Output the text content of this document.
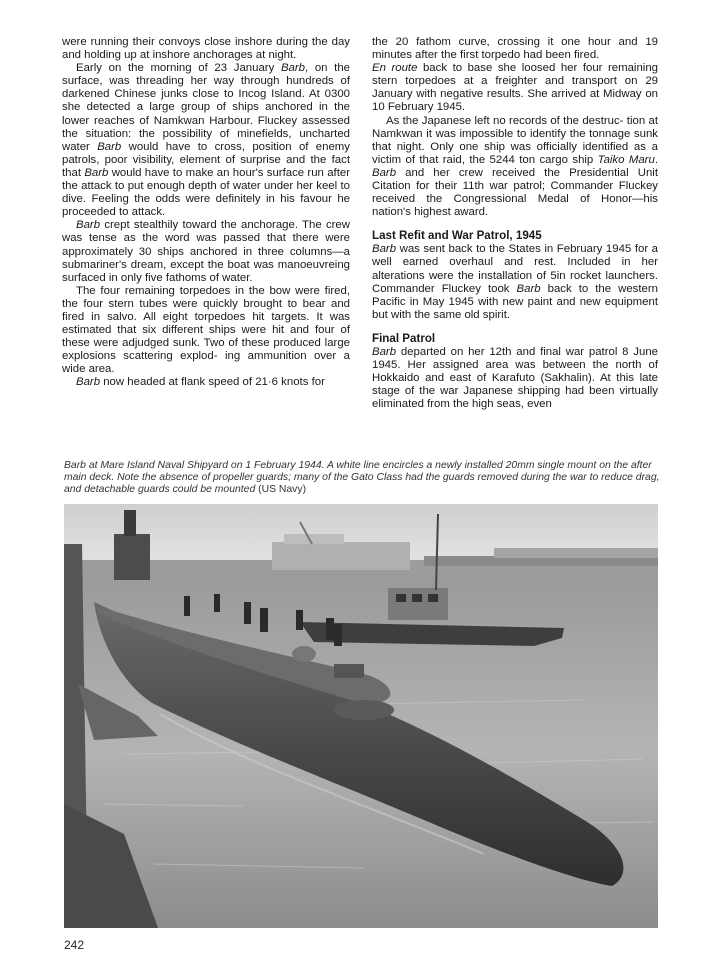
were running their convoys close inshore during the day and holding up at inshore anchorages at night.

Early on the morning of 23 January Barb, on the surface, was threading her way through hundreds of darkened Chinese junks close to Incog Island. At 0300 she detected a large group of ships anchored in the lower reaches of Namkwan Harbour. Fluckey assessed the situation: the possibility of minefields, uncharted water Barb would have to cross, position of enemy patrols, poor visibility, element of surprise and the fact that Barb would have to make an hour's surface run after the attack to put enough depth of water under her keel to dive. Feeling the odds were definitely in his favour he proceeded to attack.

Barb crept stealthily toward the anchorage. The crew was tense as the word was passed that there were approximately 30 ships anchored in three columns—a submariner's dream, except the boat was manoeuvreing surfaced in only five fathoms of water.

The four remaining torpedoes in the bow were fired, the four stern tubes were quickly brought to bear and fired in salvo. All eight torpedoes hit targets. It was estimated that six different ships were hit and four of these were adjudged sunk. Two of these produced large explosions scattering explod- ing ammunition over a wide area.

Barb now headed at flank speed of 21·6 knots for

the 20 fathom curve, crossing it one hour and 19 minutes after the first torpedo had been fired.

En route back to base she loosed her four remaining stern torpedoes at a freighter and transport on 29 January with negative results. She arrived at Midway on 10 February 1945.

As the Japanese left no records of the destruc- tion at Namkwan it was impossible to identify the tonnage sunk that night. Only one ship was officially identified as a victim of that raid, the 5244 ton cargo ship Taiko Maru. Barb and her crew received the Presidential Unit Citation for their 11th war patrol; Commander Fluckey received the Congressional Medal of Honor—his nation's highest award.

Last Refit and War Patrol, 1945

Barb was sent back to the States in February 1945 for a well earned overhaul and rest. Included in her alterations were the installation of 5in rocket launchers. Commander Fluckey took Barb back to the western Pacific in May 1945 with new paint and new equipment but with the same old spirit.

Final Patrol

Barb departed on her 12th and final war patrol 8 June 1945. Her assigned area was between the north of Hokkaido and east of Karafuto (Sakhalin). At this late stage of the war Japanese shipping had been virtually eliminated from the high seas, even

Barb at Mare Island Naval Shipyard on 1 February 1944. A white line encircles a newly installed 20mm single mount on the after main deck. Note the absence of propeller guards; many of the Gato Class had the guards removed during the war to reduce drag, and detachable guards could be mounted (US Navy)
242
